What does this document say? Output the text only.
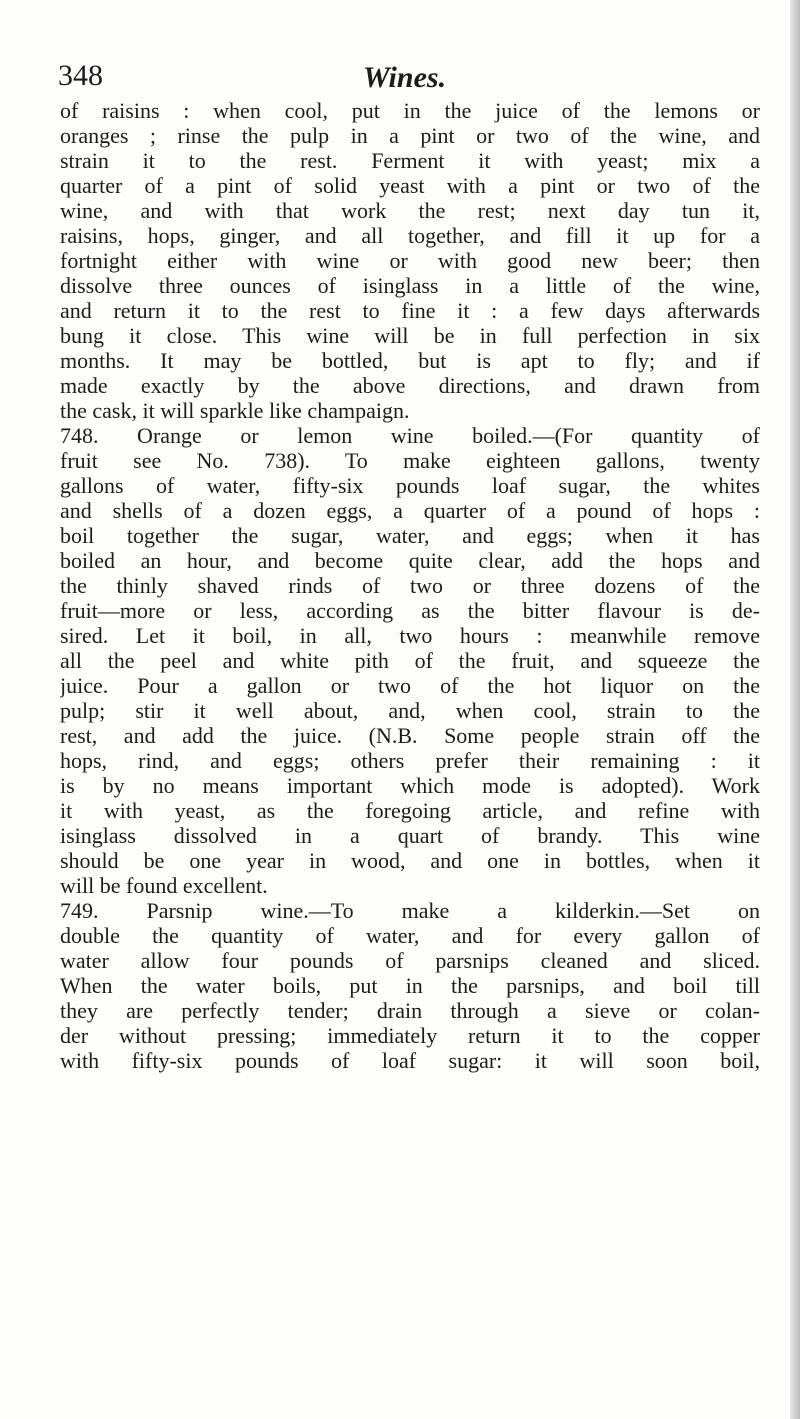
348	Wines.
of raisins : when cool, put in the juice of the lemons or
oranges ; rinse the pulp in a pint or two of the wine, and
strain it to the rest. Ferment it with yeast; mix a
quarter of a pint of solid yeast with a pint or two of the
wine, and with that work the rest; next day tun it,
raisins, hops, ginger, and all together, and fill it up for a
fortnight either with wine or with good new beer; then
dissolve three ounces of isinglass in a little of the wine,
and return it to the rest to fine it : a few days afterwards
bung it close. This wine will be in full perfection in six
months. It may be bottled, but is apt to fly; and if
made exactly by the above directions, and drawn from
the cask, it will sparkle like champaign.
748. Orange or lemon wine boiled.—(For quantity of
fruit see No. 738). To make eighteen gallons, twenty
gallons of water, fifty-six pounds loaf sugar, the whites
and shells of a dozen eggs, a quarter of a pound of hops :
boil together the sugar, water, and eggs; when it has
boiled an hour, and become quite clear, add the hops and
the thinly shaved rinds of two or three dozens of the
fruit—more or less, according as the bitter flavour is de-
sired. Let it boil, in all, two hours : meanwhile remove
all the peel and white pith of the fruit, and squeeze the
juice. Pour a gallon or two of the hot liquor on the
pulp; stir it well about, and, when cool, strain to the
rest, and add the juice. (N.B. Some people strain off the
hops, rind, and eggs; others prefer their remaining : it
is by no means important which mode is adopted). Work
it with yeast, as the foregoing article, and refine with
isinglass dissolved in a quart of brandy. This wine
should be one year in wood, and one in bottles, when it
will be found excellent.
749. Parsnip wine.—To make a kilderkin.—Set on
double the quantity of water, and for every gallon of
water allow four pounds of parsnips cleaned and sliced.
When the water boils, put in the parsnips, and boil till
they are perfectly tender; drain through a sieve or colan-
der without pressing; immediately return it to the copper
with fifty-six pounds of loaf sugar: it will soon boil,
